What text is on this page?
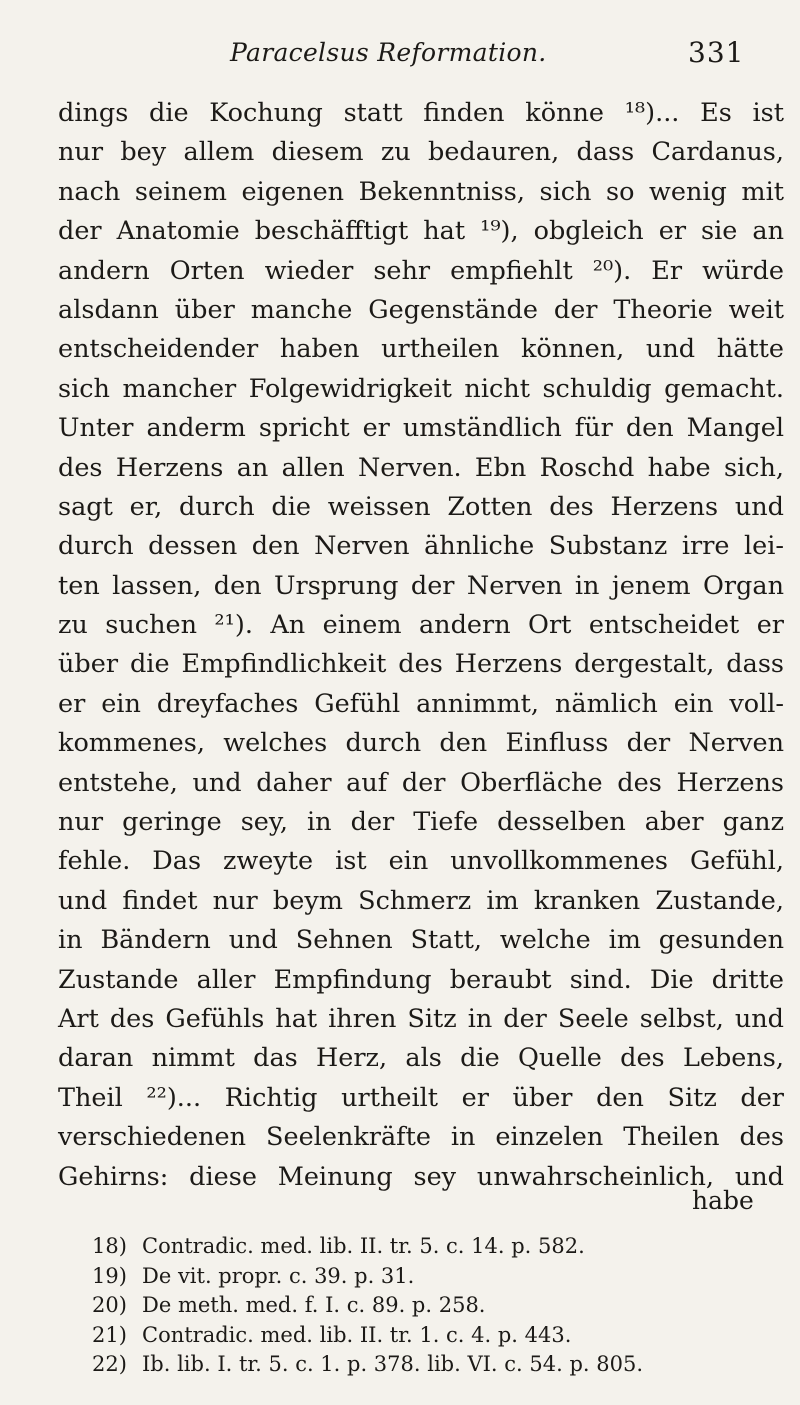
Paracelsus Reformation.	331
dings die Kochung statt finden könne ¹⁸)... Es ist
nur bey allem diesem zu bedauren, dass Cardanus,
nach seinem eigenen Bekenntniss, sich so wenig mit
der Anatomie beschäfftigt hat ¹⁹), obgleich er sie an
andern Orten wieder sehr empfiehlt ²⁰). Er würde
alsdann über manche Gegenstände der Theorie weit
entscheidender haben urtheilen können, und hätte
sich mancher Folgewidrigkeit nicht schuldig gemacht.
Unter anderm spricht er umständlich für den Mangel
des Herzens an allen Nerven. Ebn Roschd habe sich,
sagt er, durch die weissen Zotten des Herzens und
durch dessen den Nerven ähnliche Substanz irre lei-
ten lassen, den Ursprung der Nerven in jenem Organ
zu suchen ²¹). An einem andern Ort entscheidet er
über die Empfindlichkeit des Herzens dergestalt, dass
er ein dreyfaches Gefühl annimmt, nämlich ein voll-
kommenes, welches durch den Einfluss der Nerven
entstehe, und daher auf der Oberfläche des Herzens
nur geringe sey, in der Tiefe desselben aber ganz
fehle. Das zweyte ist ein unvollkommenes Gefühl,
und findet nur beym Schmerz im kranken Zustande,
in Bändern und Sehnen Statt, welche im gesunden
Zustande aller Empfindung beraubt sind. Die dritte
Art des Gefühls hat ihren Sitz in der Seele selbst, und
daran nimmt das Herz, als die Quelle des Lebens,
Theil ²²)... Richtig urtheilt er über den Sitz der
verschiedenen Seelenkräfte in einzelen Theilen des
Gehirns: diese Meinung sey unwahrscheinlich, und
habe
18) Contradic. med. lib. II. tr. 5. c. 14. p. 582.
19) De vit. propr. c. 39. p. 31.
20) De meth. med. f. I. c. 89. p. 258.
21) Contradic. med. lib. II. tr. 1. c. 4. p. 443.
22) Ib. lib. I. tr. 5. c. 1. p. 378. lib. VI. c. 54. p. 805.
